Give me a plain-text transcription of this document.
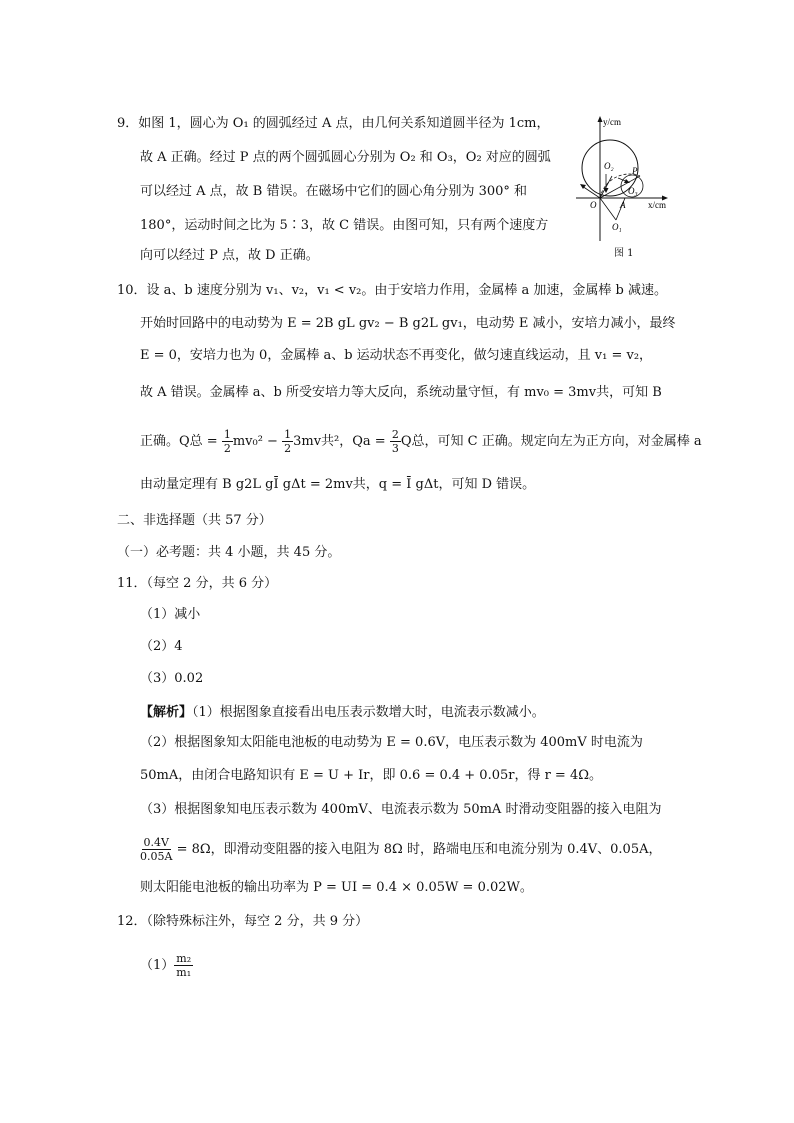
9．如图 1，圆心为 O₁ 的圆弧经过 A 点，由几何关系知道圆半径为 1cm，
故 A 正确。经过 P 点的两个圆弧圆心分别为 O₂ 和 O₃，O₂ 对应的圆弧
可以经过 A 点，故 B 错误。在磁场中它们的圆心角分别为 300° 和
180°，运动时间之比为 5∶3，故 C 错误。由图可知，只有两个速度方
向可以经过 P 点，故 D 正确。
y/cm
x/cm
O₂ P
O₃
O	A
O₁
图 1
10．设 a、b 速度分别为 v₁、v₂，v₁ < v₂。由于安培力作用，金属棒 a 加速，金属棒 b 减速。
开始时回路中的电动势为 E = 2B gL gv₂ − B g2L gv₁，电动势 E 减小，安培力减小，最终
E = 0，安培力也为 0，金属棒 a、b 运动状态不再变化，做匀速直线运动，且 v₁ = v₂，
故 A 错误。金属棒 a、b 所受安培力等大反向，系统动量守恒，有 mv₀ = 3mv共，可知 B
正确。Q总 = $\frac{1}{2} mv_0^2 - \frac{1}{2} 3mv$共²，$Qa = \frac{2}{3}$ Q总，可知 C 正确。规定向左为正方向，对金属棒 a
由动量定理有 B g2L gĪ gΔt = 2mv共，q = Ī gΔt，可知 D 错误。
二、非选择题（共 57 分）
（一）必考题：共 4 小题，共 45 分。
11．（每空 2 分，共 6 分）
（1）减小
（2）4
（3）0.02
【解析】（1）根据图象直接看出电压表示数增大时，电流表示数减小。
（2）根据图象知太阳能电池板的电动势为 E = 0.6V，电压表示数为 400mV 时电流为
50mA，由闭合电路知识有 E = U + Ir，即 0.6 = 0.4 + 0.05r，得 r = 4Ω。
（3）根据图象知电压表示数为 400mV、电流表示数为 50mA 时滑动变阻器的接入电阻为
$\frac{0.4V}{0.05A} = 8\Omega$，即滑动变阻器的接入电阻为 8Ω 时，路端电压和电流分别为 0.4V、0.05A，
则太阳能电池板的输出功率为 P = UI = 0.4 × 0.05W = 0.02W。
12．（除特殊标注外，每空 2 分，共 9 分）
$(1) \frac{\text{m₂}}{\text{m₁}}$
